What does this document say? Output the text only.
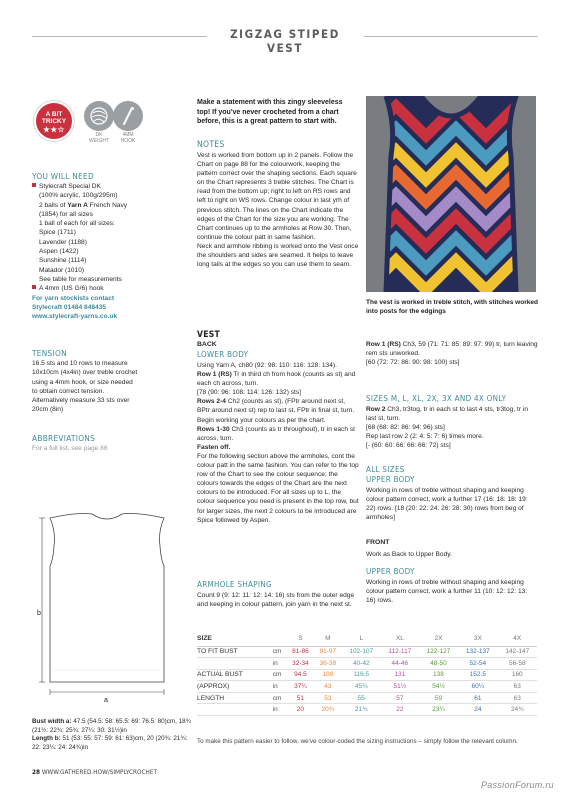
ZIGZAG STIPED VEST
A BIT
TRICKY
★★☆
DK
WEIGHT
4MM
HOOK
YOU WILL NEED
Stylecraft Special DK
(100% acrylic, 100g/295m)
2 balls of Yarn A French Navy
(1854) for all sizes
1 ball of each for all sizes:
Spice (1711)
Lavender (1188)
Aspen (1422)
Sunshine (1114)
Matador (1010)
See table for measurements
A 4mm (US G/6) hook
For yarn stockists contact
Stylecraft 01484 848435
www.stylecraft-yarns.co.uk
TENSION
16.5 sts and 10 rows to measure
10x10cm (4x4in) over treble crochet
using a 4mm hook, or size needed
to obtain correct tension.
Alternatively measure 33 sts over
20cm (8in)
ABBREVIATIONS
For a full list, see page 86
a
b
Bust width a: 47.5 (54.5: 58: 65.5: 69: 76.5: 80)cm, 18¾ (21½: 22¾: 25¾: 27¼: 30: 31½)in
Length b: 51 (53: 55: 57: 59: 61: 63)cm, 20 (20¾: 21¾: 22: 23¼: 24: 24¾)in
Make a statement with this zingy sleeveless top! If you've never crocheted from a chart before, this is a great pattern to start with.
NOTES

Vest is worked from bottom up in 2 panels. Follow the Chart on page 88 for the colourwork, keeping the pattern correct over the shaping sections. Each square on the Chart represents 3 treble stitches. The Chart is read from the bottom up; right to left on RS rows and left to right on WS rows. Change colour in last yrh of previous stitch. The lines on the Chart indicate the edges of the Chart for the size you are working. The Chart continues up to the armholes at Row 30. Then, continue the colour patt in same fashion.

Neck and armhole ribbing is worked onto the Vest once the shoulders and sides are seamed. It helps to leave long tails at the edges so you can use them to seam.

The vest is worked in treble stitch, with stitches worked into posts for the edgings
VEST
BACK
LOWER BODY

Using Yarn A, ch80 (92: 98: 110: 116: 128: 134).

Row 1 (RS) Tr in third ch from hook (counts as st) and each ch across, turn.

[78 (90: 96: 108: 114: 126: 132) sts]

Rows 2-4 Ch2 (counts as st), (FPtr around next st, BPtr around next st) rep to last st, FPtr in final st, turn.

Begin working your colours as per the chart.

Rows 1-30 Ch3 (counts as tr throughout), tr in each st across, turn.

Fasten off.

For the following section above the armholes, cont the colour patt in the same fashion. You can refer to the top row of the Chart to see the colour sequence; the colours towards the edges of the Chart are the next colours to be introduced. For all sizes up to L, the colour sequence you need is present in the top row, but for larger sizes, the next 2 colours to be introduced are Spice followed by Aspen.

ARMHOLE SHAPING

Count 9 (9: 12: 11: 12: 14: 16) sts from the outer edge and keeping in colour pattern, join yarn in the next st.

Row 1 (RS) Ch3, 59 (71: 71: 85: 89: 97: 99) tr, turn leaving rem sts unworked.

[60 (72: 72: 86: 90: 98: 100) sts]

SIZES M, L, XL, 2X, 3X AND 4X ONLY

Row 2 Ch3, tr3tog, tr in each st to last 4 sts, tr3tog, tr in last st, turn.

[68 (68: 82: 86: 94: 96) sts]

Rep last row 2 (2: 4: 5: 7: 6) times more.

[- (60: 60: 66: 66: 66: 72) sts]

ALL SIZES
UPPER BODY

Working in rows of treble without shaping and keeping colour pattern correct, work a further 17 (16: 18: 18: 19: 22) rows. [18 (20: 22: 24: 26: 28: 30) rows from beg of armholes]

FRONT

Work as Back to Upper Body.

UPPER BODY

Working in rows of treble without shaping and keeping colour pattern correct, work a further 11 (10: 12: 12: 13: 16) rows.

SIZE		S	M	L	XL	2X	3X	4X
TO FIT BUST	cm	81-86	91-97	102-107	112-117	122-127	132-137	142-147
	in	32-34	36-38	40-42	44-46	48-50	52-54	56-58
ACTUAL BUST	cm	94.5	109	116.5	131	138	152.5	160
(APPROX)	in	37¼	43	45¾	51½	54½	60¼	63
LENGTH	cm	51	53	55	57	59	61	63
	in	20	20¾	21¾	22	23¼	24	24¾
To make this pattern easier to follow, we've colour-coded the sizing instructions – simply follow the relevant column.
28 WWW.GATHERED.HOW/SIMPLYCROCHET
PassionForum.ru
